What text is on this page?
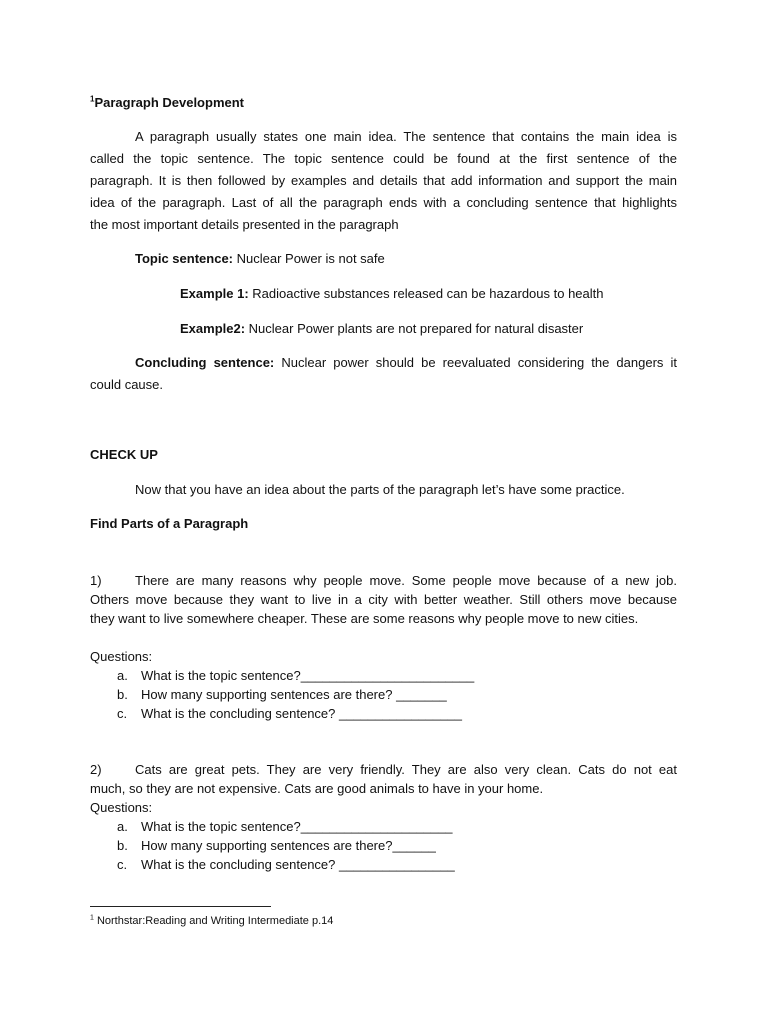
$^1$Paragraph Development
A paragraph usually states one main idea. The sentence that contains the main idea is
called the topic sentence. The topic sentence could be found at the first sentence of the
paragraph. It is then followed by examples and details that add information and support the main
idea of the paragraph. Last of all the paragraph ends with a concluding sentence that highlights
the most important details presented in the paragraph
Topic sentence: Nuclear Power is not safe
Example 1: Radioactive substances released can be hazardous to health
Example2: Nuclear Power plants are not prepared for natural disaster
Concluding sentence: Nuclear power should be reevaluated considering the dangers it
could cause.
CHECK UP
Now that you have an idea about the parts of the paragraph let’s have some practice.
Find Parts of a Paragraph
1)	There are many reasons why people move. Some people move because of a new job.
Others move because they want to live in a city with better weather. Still others move because
they want to live somewhere cheaper. These are some reasons why people move to new cities.
Questions:
a. What is the topic sentence?________________________
b. How many supporting sentences are there? _______
c. What is the concluding sentence? _________________
2)	Cats are great pets. They are very friendly. They are also very clean. Cats do not eat
much, so they are not expensive. Cats are good animals to have in your home.
Questions:
a. What is the topic sentence?_____________________
b. How many supporting sentences are there?______
c. What is the concluding sentence? ________________
$^1$ Northstar:Reading and Writing Intermediate p.14
